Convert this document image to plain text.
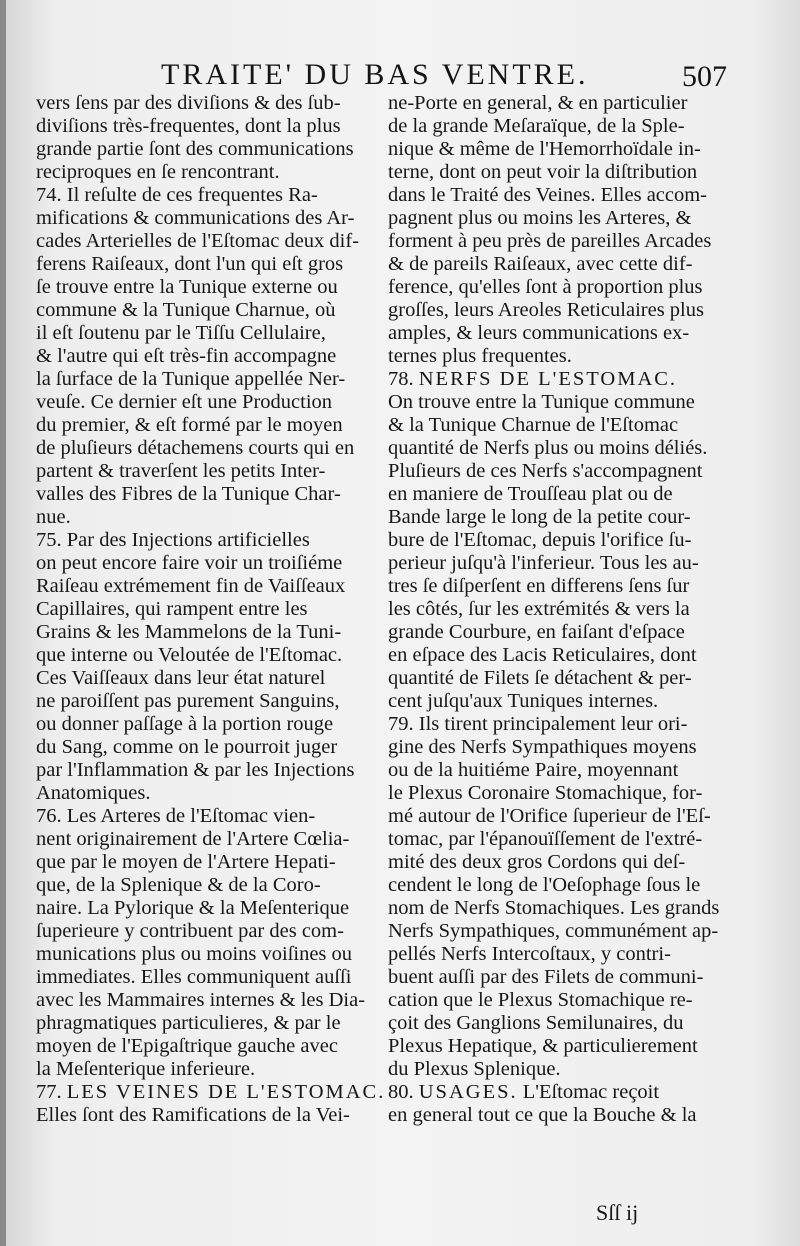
TRAITE' DU BAS VENTRE.	507
vers ſens par des diviſions & des ſub-
diviſions très-frequentes, dont la plus
grande partie ſont des communications
reciproques en ſe rencontrant.
74. Il reſulte de ces frequentes Ra-
mifications & communications des Ar-
cades Arterielles de l'Eſtomac deux dif-
ferens Raiſeaux, dont l'un qui eſt gros
ſe trouve entre la Tunique externe ou
commune & la Tunique Charnue, où
il eſt ſoutenu par le Tiſſu Cellulaire,
& l'autre qui eſt très-fin accompagne
la ſurface de la Tunique appellée Ner-
veuſe. Ce dernier eſt une Production
du premier, & eſt formé par le moyen
de pluſieurs détachemens courts qui en
partent & traverſent les petits Inter-
valles des Fibres de la Tunique Char-
nue.
75. Par des Injections artificielles
on peut encore faire voir un troiſiéme
Raiſeau extrémement fin de Vaiſſeaux
Capillaires, qui rampent entre les
Grains & les Mammelons de la Tuni-
que interne ou Veloutée de l'Eſtomac.
Ces Vaiſſeaux dans leur état naturel
ne paroiſſent pas purement Sanguins,
ou donner paſſage à la portion rouge
du Sang, comme on le pourroit juger
par l'Inflammation & par les Injections
Anatomiques.
76. Les Arteres de l'Eſtomac vien-
nent originairement de l'Artere Cœlia-
que par le moyen de l'Artere Hepati-
que, de la Splenique & de la Coro-
naire. La Pylorique & la Meſenterique
ſuperieure y contribuent par des com-
munications plus ou moins voiſines ou
immediates. Elles communiquent auſſi
avec les Mammaires internes & les Dia-
phragmatiques particulieres, & par le
moyen de l'Epigaſtrique gauche avec
la Meſenterique inferieure.
77. LES VEINES DE L'ESTOMAC.
Elles ſont des Ramifications de la Vei-
ne-Porte en general, & en particulier
de la grande Meſaraïque, de la Sple-
nique & même de l'Hemorrhoïdale in-
terne, dont on peut voir la diſtribution
dans le Traité des Veines. Elles accom-
pagnent plus ou moins les Arteres, &
forment à peu près de pareilles Arcades
& de pareils Raiſeaux, avec cette dif-
ference, qu'elles ſont à proportion plus
groſſes, leurs Areoles Reticulaires plus
amples, & leurs communications ex-
ternes plus frequentes.
78. NERFS DE L'ESTOMAC.
On trouve entre la Tunique commune
& la Tunique Charnue de l'Eſtomac
quantité de Nerfs plus ou moins déliés.
Pluſieurs de ces Nerfs s'accompagnent
en maniere de Trouſſeau plat ou de
Bande large le long de la petite cour-
bure de l'Eſtomac, depuis l'orifice ſu-
perieur juſqu'à l'inferieur. Tous les au-
tres ſe diſperſent en differens ſens ſur
les côtés, ſur les extrémités & vers la
grande Courbure, en faiſant d'eſpace
en eſpace des Lacis Reticulaires, dont
quantité de Filets ſe détachent & per-
cent juſqu'aux Tuniques internes.
79. Ils tirent principalement leur ori-
gine des Nerfs Sympathiques moyens
ou de la huitiéme Paire, moyennant
le Plexus Coronaire Stomachique, for-
mé autour de l'Orifice ſuperieur de l'Eſ-
tomac, par l'épanouïſſement de l'extré-
mité des deux gros Cordons qui deſ-
cendent le long de l'Oeſophage ſous le
nom de Nerfs Stomachiques. Les grands
Nerfs Sympathiques, communément ap-
pellés Nerfs Intercoſtaux, y contri-
buent auſſi par des Filets de communi-
cation que le Plexus Stomachique re-
çoit des Ganglions Semilunaires, du
Plexus Hepatique, & particulierement
du Plexus Splenique.
80. USAGES. L'Eſtomac reçoit
en general tout ce que la Bouche & la
Sſſ ij
